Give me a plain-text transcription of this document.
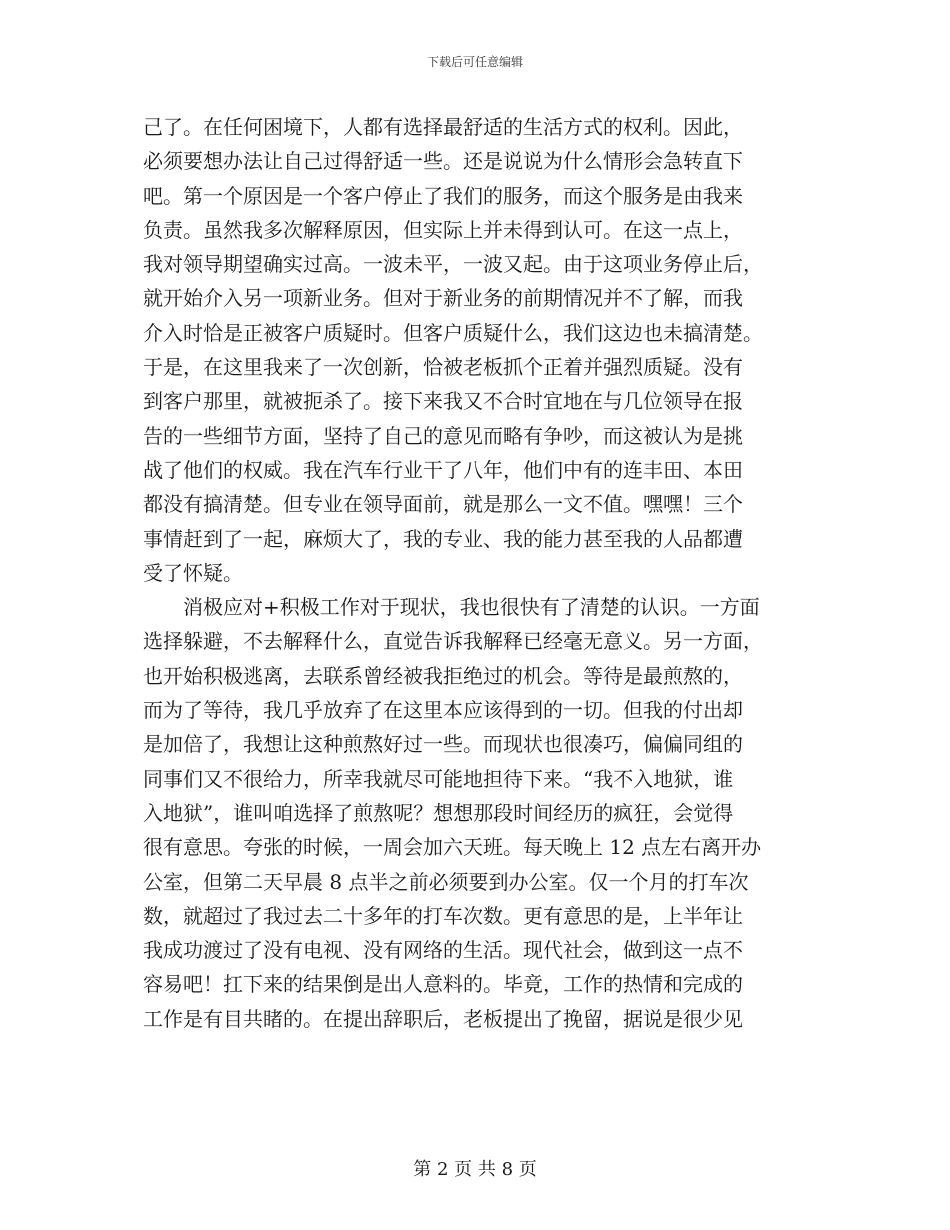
下载后可任意编辑
己了。在任何困境下，人都有选择最舒适的生活方式的权利。因此，
必须要想办法让自己过得舒适一些。还是说说为什么情形会急转直下
吧。第一个原因是一个客户停止了我们的服务，而这个服务是由我来
负责。虽然我多次解释原因，但实际上并未得到认可。在这一点上，
我对领导期望确实过高。一波未平，一波又起。由于这项业务停止后，
就开始介入另一项新业务。但对于新业务的前期情况并不了解，而我
介入时恰是正被客户质疑时。但客户质疑什么，我们这边也未搞清楚。
于是，在这里我来了一次创新，恰被老板抓个正着并强烈质疑。没有
到客户那里，就被扼杀了。接下来我又不合时宜地在与几位领导在报
告的一些细节方面，坚持了自己的意见而略有争吵，而这被认为是挑
战了他们的权威。我在汽车行业干了八年，他们中有的连丰田、本田
都没有搞清楚。但专业在领导面前，就是那么一文不值。嘿嘿！三个
事情赶到了一起，麻烦大了，我的专业、我的能力甚至我的人品都遭
受了怀疑。
消极应对+积极工作对于现状，我也很快有了清楚的认识。一方面
选择躲避，不去解释什么，直觉告诉我解释已经毫无意义。另一方面，
也开始积极逃离，去联系曾经被我拒绝过的机会。等待是最煎熬的，
而为了等待，我几乎放弃了在这里本应该得到的一切。但我的付出却
是加倍了，我想让这种煎熬好过一些。而现状也很凑巧，偏偏同组的
同事们又不很给力，所幸我就尽可能地担待下来。“我不入地狱，谁
入地狱”，谁叫咱选择了煎熬呢？想想那段时间经历的疯狂，会觉得
很有意思。夸张的时候，一周会加六天班。每天晚上 12 点左右离开办
公室，但第二天早晨 8 点半之前必须要到办公室。仅一个月的打车次
数，就超过了我过去二十多年的打车次数。更有意思的是，上半年让
我成功渡过了没有电视、没有网络的生活。现代社会，做到这一点不
容易吧！扛下来的结果倒是出人意料的。毕竟，工作的热情和完成的
工作是有目共睹的。在提出辞职后，老板提出了挽留，据说是很少见
第 2 页 共 8 页
